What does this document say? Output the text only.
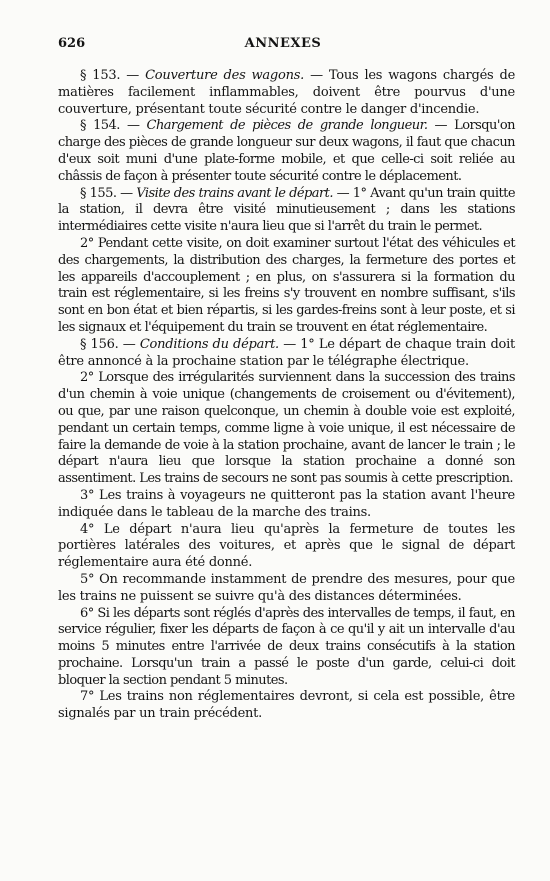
626	ANNEXES

§ 153. — Couverture des wagons. — Tous les wagons chargés de matières facilement inflammables, doivent être pourvus d'une couverture, présentant toute sécurité contre le danger d'incendie.

§ 154. — Chargement de pièces de grande longueur. — Lorsqu'on charge des pièces de grande longueur sur deux wagons, il faut que chacun d'eux soit muni d'une plate-forme mobile, et que celle-ci soit reliée au châssis de façon à présenter toute sécurité contre le déplacement.

§ 155. — Visite des trains avant le départ. — 1° Avant qu'un train quitte la station, il devra être visité minutieusement ; dans les stations intermédiaires cette visite n'aura lieu que si l'arrêt du train le permet.

2° Pendant cette visite, on doit examiner surtout l'état des véhicules et des chargements, la distribution des charges, la fermeture des portes et les appareils d'accouplement ; en plus, on s'assurera si la formation du train est réglementaire, si les freins s'y trouvent en nombre suffisant, s'ils sont en bon état et bien répartis, si les gardes-freins sont à leur poste, et si les signaux et l'équipement du train se trouvent en état réglementaire.

§ 156. — Conditions du départ. — 1° Le départ de chaque train doit être annoncé à la prochaine station par le télégraphe électrique.

2° Lorsque des irrégularités surviennent dans la succession des trains d'un chemin à voie unique (changements de croisement ou d'évitement), ou que, par une raison quelconque, un chemin à double voie est exploité, pendant un certain temps, comme ligne à voie unique, il est nécessaire de faire la demande de voie à la station prochaine, avant de lancer le train ; le départ n'aura lieu que lorsque la station prochaine a donné son assentiment. Les trains de secours ne sont pas soumis à cette prescription.

3° Les trains à voyageurs ne quitteront pas la station avant l'heure indiquée dans le tableau de la marche des trains.

4° Le départ n'aura lieu qu'après la fermeture de toutes les portières latérales des voitures, et après que le signal de départ réglementaire aura été donné.

5° On recommande instamment de prendre des mesures, pour que les trains ne puissent se suivre qu'à des distances déterminées.

6° Si les départs sont réglés d'après des intervalles de temps, il faut, en service régulier, fixer les départs de façon à ce qu'il y ait un intervalle d'au moins 5 minutes entre l'arrivée de deux trains consécutifs à la station prochaine. Lorsqu'un train a passé le poste d'un garde, celui-ci doit bloquer la section pendant 5 minutes.

7° Les trains non réglementaires devront, si cela est possible, être signalés par un train précédent.
